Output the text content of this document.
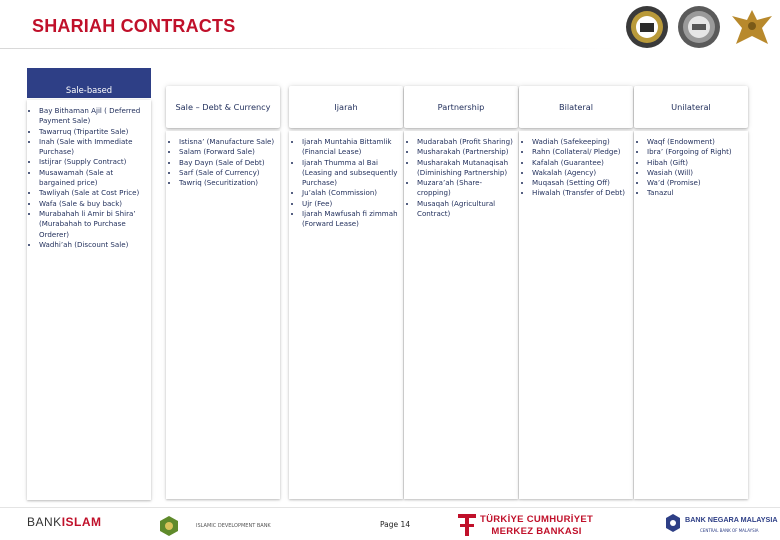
SHARIAH CONTRACTS
Sale-based
• Bay Bithaman Ajil ( Deferred Payment Sale)
• Tawarruq (Tripartite Sale)
• Inah (Sale with Immediate Purchase)
• Istijrar (Supply Contract)
• Musawamah (Sale at bargained price)
• Tawliyah (Sale at Cost Price)
• Wafa (Sale & buy back)
• Murabahah li Amir bi Shira’ (Murabahah to Purchase Orderer)
• Wadhi’ah (Discount Sale)
Sale – Debt & Currency
• Istisna’ (Manufacture Sale)
• Salam (Forward Sale)
• Bay Dayn (Sale of Debt)
• Sarf (Sale of Currency)
• Tawriq (Securitization)
Ijarah
• Ijarah Muntahia Bittamlik (Financial Lease)
• Ijarah Thumma al Bai (Leasing and subsequently Purchase)
• Ju’alah (Commission)
• Ujr (Fee)
• Ijarah Mawfusah fi zimmah (Forward Lease)
Partnership
• Mudarabah (Profit Sharing)
• Musharakah (Partnership)
• Musharakah Mutanaqisah (Diminishing Partnership)
• Muzara’ah (Share-cropping)
• Musaqah (Agricultural Contract)
Bilateral
• Wadiah (Safekeeping)
• Rahn (Collateral/ Pledge)
• Kafalah (Guarantee)
• Wakalah (Agency)
• Muqasah (Setting Off)
• Hiwalah (Transfer of Debt)
Unilateral
• Waqf (Endowment)
• Ibra’ (Forgoing of Right)
• Hibah (Gift)
• Wasiah (Will)
• Wa’d (Promise)
• Tanazul
BANKISLAM	ISLAMIC DEVELOPMENT BANK	Page 14	TÜRKİYE CUMHURİYET
MERKEZ BANKASI
BANK NEGARA MALAYSIA
CENTRAL BANK OF MALAYSIA
